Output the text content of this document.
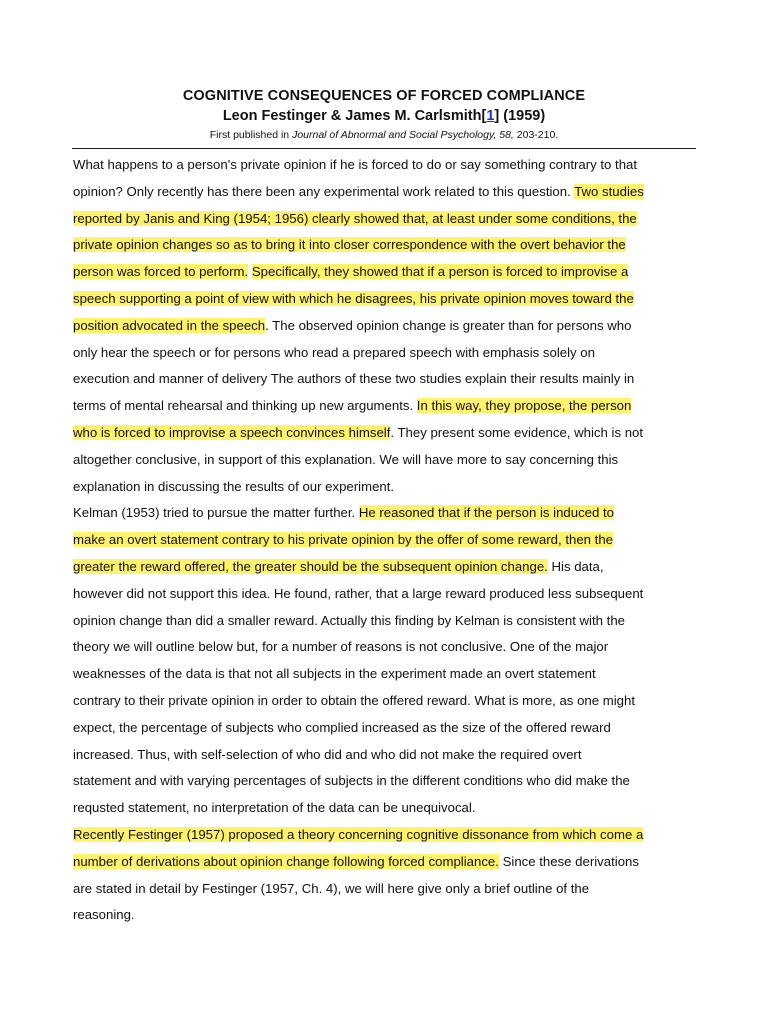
COGNITIVE CONSEQUENCES OF FORCED COMPLIANCE

Leon Festinger & James M. Carlsmith[1] (1959)

First published in Journal of Abnormal and Social Psychology, 58, 203-210.

What happens to a person's private opinion if he is forced to do or say something contrary to that
opinion? Only recently has there been any experimental work related to this question. Two studies
reported by Janis and King (1954; 1956) clearly showed that, at least under some conditions, the
private opinion changes so as to bring it into closer correspondence with the overt behavior the
person was forced to perform. Specifically, they showed that if a person is forced to improvise a
speech supporting a point of view with which he disagrees, his private opinion moves toward the
position advocated in the speech. The observed opinion change is greater than for persons who
only hear the speech or for persons who read a prepared speech with emphasis solely on
execution and manner of delivery The authors of these two studies explain their results mainly in
terms of mental rehearsal and thinking up new arguments. In this way, they propose, the person
who is forced to improvise a speech convinces himself. They present some evidence, which is not
altogether conclusive, in support of this explanation. We will have more to say concerning this
explanation in discussing the results of our experiment.
Kelman (1953) tried to pursue the matter further. He reasoned that if the person is induced to
make an overt statement contrary to his private opinion by the offer of some reward, then the
greater the reward offered, the greater should be the subsequent opinion change. His data,
however did not support this idea. He found, rather, that a large reward produced less subsequent
opinion change than did a smaller reward. Actually this finding by Kelman is consistent with the
theory we will outline below but, for a number of reasons is not conclusive. One of the major
weaknesses of the data is that not all subjects in the experiment made an overt statement
contrary to their private opinion in order to obtain the offered reward. What is more, as one might
expect, the percentage of subjects who complied increased as the size of the offered reward
increased. Thus, with self-selection of who did and who did not make the required overt
statement and with varying percentages of subjects in the different conditions who did make the
requsted statement, no interpretation of the data can be unequivocal.
Recently Festinger (1957) proposed a theory concerning cognitive dissonance from which come a
number of derivations about opinion change following forced compliance. Since these derivations
are stated in detail by Festinger (1957, Ch. 4), we will here give only a brief outline of the
reasoning.
